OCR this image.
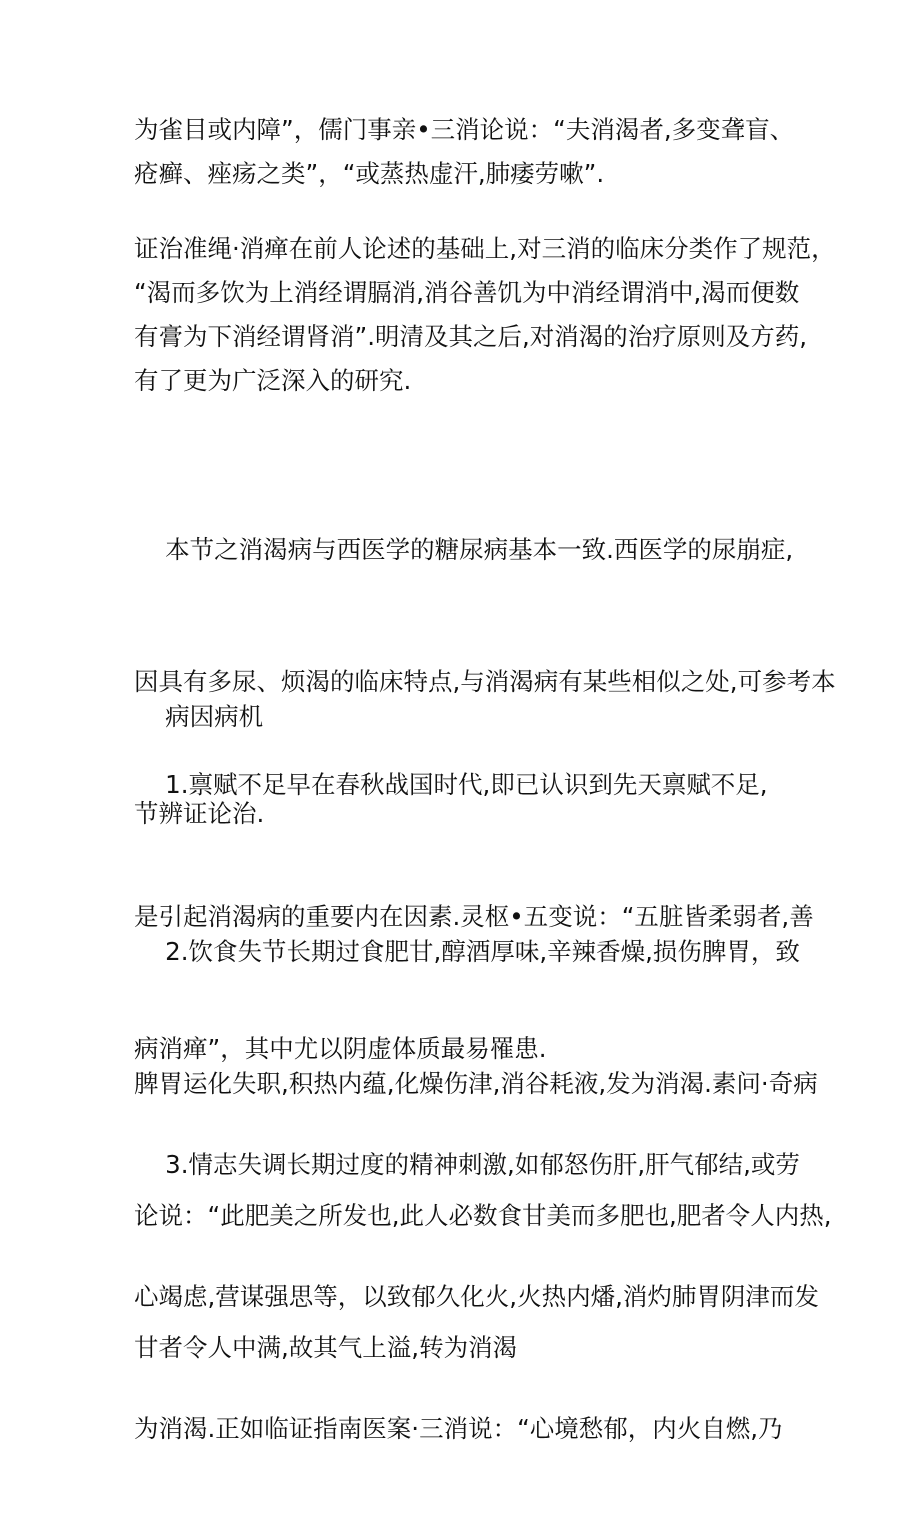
为雀目或内障”，儒门事亲•三消论说：“夫消渴者,多变聋盲、
疮癣、痤疡之类”，“或蒸热虚汗,肺痿劳嗽”.
证治准绳·消瘅在前人论述的基础上,对三消的临床分类作了规范，
“渴而多饮为上消经谓膈消,消谷善饥为中消经谓消中,渴而便数
有膏为下消经谓肾消”.明清及其之后,对消渴的治疗原则及方药,
有了更为广泛深入的研究.

本节之消渴病与西医学的糖尿病基本一致.西医学的尿崩症,

因具有多尿、烦渴的临床特点,与消渴病有某些相似之处,可参考本

节辨证论治.

病因病机

1.禀赋不足早在春秋战国时代,即已认识到先天禀赋不足,

是引起消渴病的重要内在因素.灵枢•五变说：“五脏皆柔弱者,善

病消瘅”，其中尤以阴虚体质最易罹患.

2.饮食失节长期过食肥甘,醇酒厚味,辛辣香燥,损伤脾胃，致

脾胃运化失职,积热内蕴,化燥伤津,消谷耗液,发为消渴.素问·奇病

论说：“此肥美之所发也,此人必数食甘美而多肥也,肥者令人内热,

甘者令人中满,故其气上溢,转为消渴

3.情志失调长期过度的精神刺激,如郁怒伤肝,肝气郁结,或劳

心竭虑,营谋强思等，以致郁久化火,火热内燔,消灼肺胃阴津而发

为消渴.正如临证指南医案·三消说：“心境愁郁，内火自燃,乃
